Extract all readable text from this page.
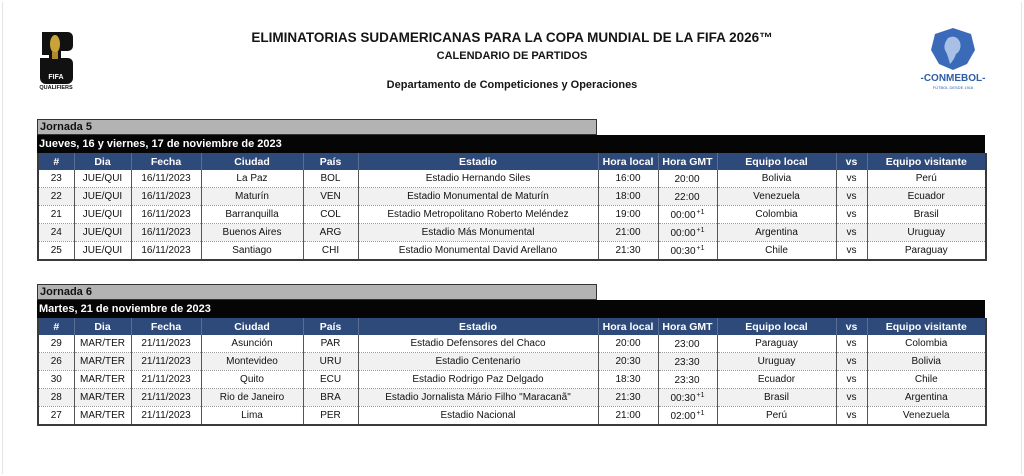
FIFA
QUALIFIERS
ELIMINATORIAS SUDAMERICANAS PARA LA COPA MUNDIAL DE LA FIFA 2026™
CALENDARIO DE PARTIDOS
Departamento de Competiciones y Operaciones
-CONMEBOL-
FÚTBOL DESDE 1916
Jornada 5
Jueves, 16 y viernes, 17 de noviembre de 2023
#	Dia	Fecha	Ciudad	País	Estadio	Hora local	Hora GMT	Equipo local	vs	Equipo visitante
23	JUE/QUI	16/11/2023	La Paz	BOL	Estadio Hernando Siles	16:00	20:00	Bolivia	vs	Perú
22	JUE/QUI	16/11/2023	Maturín	VEN	Estadio Monumental de Maturín	18:00	22:00	Venezuela	vs	Ecuador
21	JUE/QUI	16/11/2023	Barranquilla	COL	Estadio Metropolitano Roberto Meléndez	19:00	$00:00^{+1}$	Colombia	vs	Brasil
24	JUE/QUI	16/11/2023	Buenos Aires	ARG	Estadio Más Monumental	21:00	$00:00^{+1}$	Argentina	vs	Uruguay
25	JUE/QUI	16/11/2023	Santiago	CHI	Estadio Monumental David Arellano	21:30	$00:30^{+1}$	Chile	vs	Paraguay
Jornada 6
Martes, 21 de noviembre de 2023
#	Dia	Fecha	Ciudad	País	Estadio	Hora local	Hora GMT	Equipo local	vs	Equipo visitante
29	MAR/TER	21/11/2023	Asunción	PAR	Estadio Defensores del Chaco	20:00	23:00	Paraguay	vs	Colombia
26	MAR/TER	21/11/2023	Montevideo	URU	Estadio Centenario	20:30	23:30	Uruguay	vs	Bolivia
30	MAR/TER	21/11/2023	Quito	ECU	Estadio Rodrigo Paz Delgado	18:30	23:30	Ecuador	vs	Chile
28	MAR/TER	21/11/2023	Rio de Janeiro	BRA	Estadio Jornalista Mário Filho "Maracanã"	21:30	$00:30^{+1}$	Brasil	vs	Argentina
27	MAR/TER	21/11/2023	Lima	PER	Estadio Nacional	21:00	$02:00^{+1}$	Perú	vs	Venezuela
